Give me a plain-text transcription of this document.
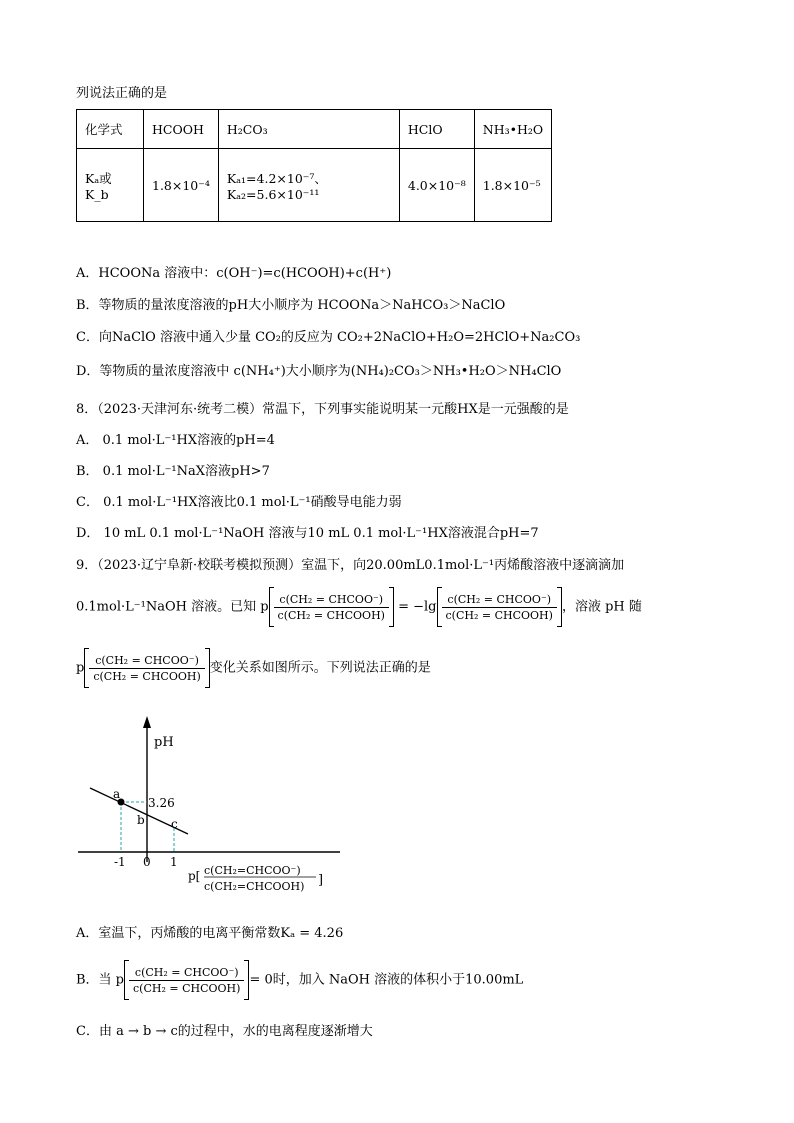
列说法正确的是
化学式	HCOOH	H₂CO₃	HClO	NH₃•H₂O
Kₐ或K_b	1.8×10⁻⁴	Kₐ₁=4.2×10⁻⁷、Kₐ₂=5.6×10⁻¹¹	4.0×10⁻⁸	1.8×10⁻⁵
A．HCOONa 溶液中：c(OH⁻)=c(HCOOH)+c(H⁺)
B．等物质的量浓度溶液的pH大小顺序为 HCOONa＞NaHCO₃＞NaClO
C．向NaClO 溶液中通入少量 CO₂的反应为 CO₂+2NaClO+H₂O=2HClO+Na₂CO₃
D．等物质的量浓度溶液中 c(NH₄⁺)大小顺序为(NH₄)₂CO₃＞NH₃•H₂O＞NH₄ClO
8．（2023·天津河东·统考二模）常温下，下列事实能说明某一元酸HX是一元强酸的是
A． 0.1 mol·L⁻¹HX溶液的pH=4
B． 0.1 mol·L⁻¹NaX溶液pH>7
C． 0.1 mol·L⁻¹HX溶液比0.1 mol·L⁻¹硝酸导电能力弱
D． 10 mL 0.1 mol·L⁻¹NaOH 溶液与10 mL 0.1 mol·L⁻¹HX溶液混合pH=7
9．（2023·辽宁阜新·校联考模拟预测）室温下，向20.00mL0.1mol·L⁻¹丙烯酸溶液中逐滴滴加
0.1mol·L⁻¹NaOH 溶液。已知 p $\frac{\text{c(CH₂ = CHCOO⁻)}}{\text{c(CH₂ = CHCOOH)}} = -\lg \frac{\text{c(CH₂ = CHCOO⁻)}}{\text{c(CH₂ = CHCOOH)}}$ ，溶液 pH 随
p $\frac{\text{c(CH₂ = CHCOO⁻)}}{\text{c(CH₂ = CHCOOH)}}$ 变化关系如图所示。下列说法正确的是
pH
a
b c
3.26
-1 0 1
p[ c(CH₂=CHCOO⁻)
c(CH₂=CHCOOH) ]
A．室温下，丙烯酸的电离平衡常数Kₐ = 4.26
B．当 p $\frac{\text{c(CH₂ = CHCOO⁻)}}{\text{c(CH₂ = CHCOOH)}} = 0$时，加入 NaOH 溶液的体积小于10.00mL
C．由 a → b → c的过程中，水的电离程度逐渐增大
